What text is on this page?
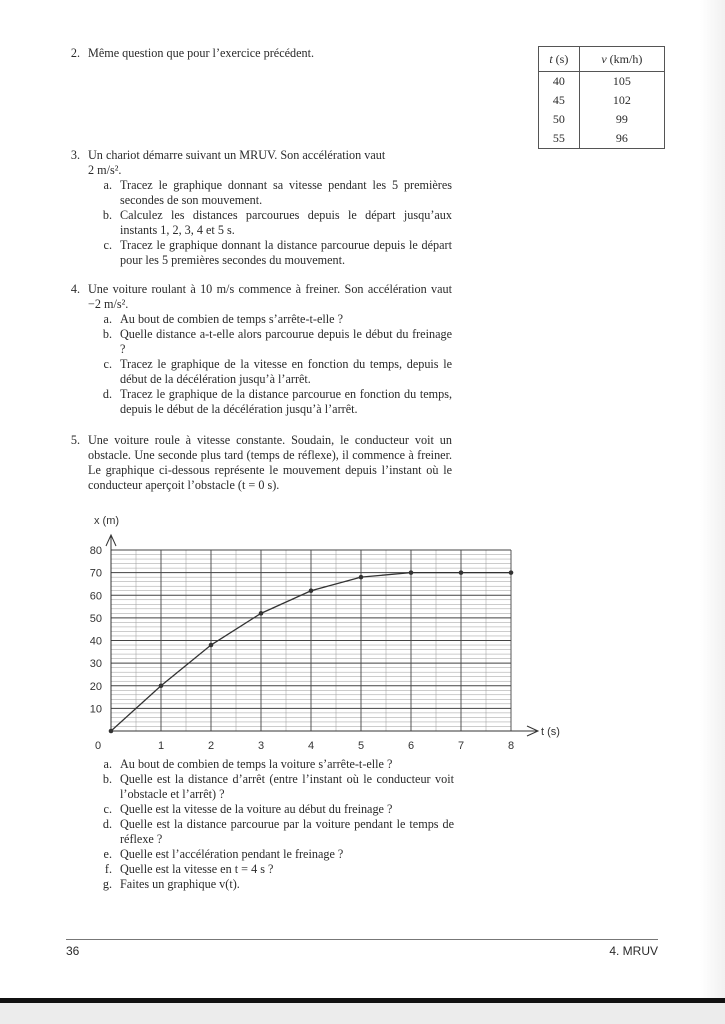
2. Même question que pour l’exercice précédent.	t (s)	v (km/h)
40	105
45	102
50	99
55	96
3. Un chariot démarre suivant un MRUV. Son accélération vaut
2 m/s².
a. Tracez le graphique donnant sa vitesse pendant les 5 premières secondes de son mouvement.
b. Calculez les distances parcourues depuis le départ jusqu’aux instants 1, 2, 3, 4 et 5 s.
c. Tracez le graphique donnant la distance parcourue depuis le départ pour les 5 premières secondes du mouvement.
4. Une voiture roulant à 10 m/s commence à freiner. Son accélération vaut −2 m/s².
a. Au bout de combien de temps s’arrête-t-elle ?
b. Quelle distance a-t-elle alors parcourue depuis le début du freinage ?
c. Tracez le graphique de la vitesse en fonction du temps, depuis le début de la décélération jusqu’à l’arrêt.
d. Tracez le graphique de la distance parcourue en fonction du temps, depuis le début de la décélération jusqu’à l’arrêt.
5. Une voiture roule à vitesse constante. Soudain, le conducteur voit un obstacle. Une seconde plus tard (temps de réflexe), il commence à freiner. Le graphique ci-dessous représente le mouvement depuis l’instant où le conducteur aperçoit l’obstacle (t = 0 s).
10
20
30
40
50
60
70
80
0	1	2	3	4	5	6	7	8
x (m)
t (s)
a. Au bout de combien de temps la voiture s’arrête-t-elle ?
b. Quelle est la distance d’arrêt (entre l’instant où le conducteur voit l’obstacle et l’arrêt) ?
c. Quelle est la vitesse de la voiture au début du freinage ?
d. Quelle est la distance parcourue par la voiture pendant le temps de réflexe ?
e. Quelle est l’accélération pendant le freinage ?
f. Quelle est la vitesse en t = 4 s ?
g. Faites un graphique v(t).
36	4. MRUV
